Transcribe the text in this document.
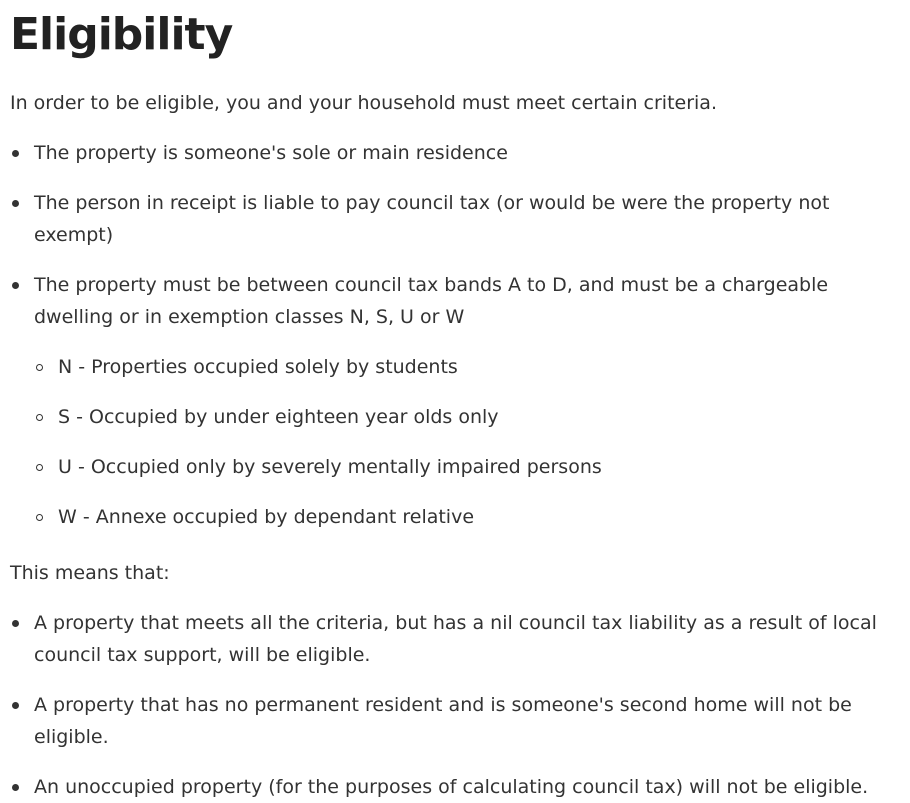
Eligibility

In order to be eligible, you and your household must meet certain criteria.

The property is someone's sole or main residence
The person in receipt is liable to pay council tax (or would be were the property not exempt)
The property must be between council tax bands A to D, and must be a chargeable dwelling or in exemption classes N, S, U or W
N - Properties occupied solely by students
S - Occupied by under eighteen year olds only
U - Occupied only by severely mentally impaired persons
W - Annexe occupied by dependant relative

This means that:

A property that meets all the criteria, but has a nil council tax liability as a result of local council tax support, will be eligible.
A property that has no permanent resident and is someone's second home will not be eligible.
An unoccupied property (for the purposes of calculating council tax) will not be eligible.
